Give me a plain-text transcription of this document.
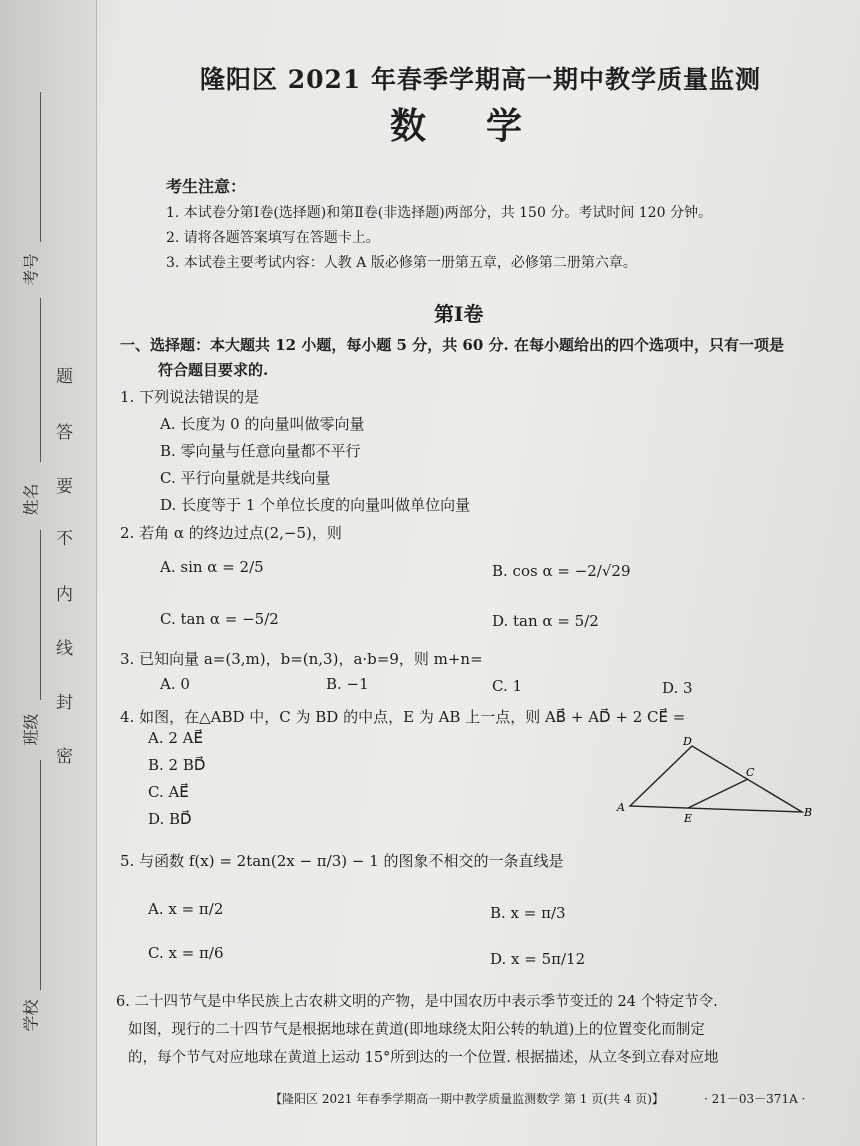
考号
姓名
班级
学校
题
答
要
不
内
线
封
密
隆阳区 2021 年春季学期高一期中教学质量监测
数学
考生注意：
1. 本试卷分第Ⅰ卷(选择题)和第Ⅱ卷(非选择题)两部分，共 150 分。考试时间 120 分钟。
2. 请将各题答案填写在答题卡上。
3. 本试卷主要考试内容：人教 A 版必修第一册第五章，必修第二册第六章。
第Ⅰ卷
一、选择题：本大题共 12 小题，每小题 5 分，共 60 分. 在每小题给出的四个选项中，只有一项是
符合题目要求的.
1. 下列说法错误的是
A. 长度为 0 的向量叫做零向量
B. 零向量与任意向量都不平行
C. 平行向量就是共线向量
D. 长度等于 1 个单位长度的向量叫做单位向量
2. 若角 α 的终边过点(2,−5)，则
A. sin α = 2/5	B. cos α = −2/√29
C. tan α = −5/2	D. tan α = 5/2
3. 已知向量 a=(3,m)，b=(n,3)，a·b=9，则 m+n=
A. 0	B. −1	C. 1	D. 3
4. 如图，在△ABD 中，C 为 BD 的中点，E 为 AB 上一点，则 AB⃗ + AD⃗ + 2 CE⃗ =
A. 2 AE⃗
B. 2 BD⃗
C. AE⃗
D. BD⃗
D
C
A
E	B
5. 与函数 f(x) = 2tan(2x − π/3) − 1 的图象不相交的一条直线是
A. x = π/2	B. x = π/3
C. x = π/6	D. x = 5π/12
6. 二十四节气是中华民族上古农耕文明的产物，是中国农历中表示季节变迁的 24 个特定节令.
如图，现行的二十四节气是根据地球在黄道(即地球绕太阳公转的轨道)上的位置变化而制定
的，每个节气对应地球在黄道上运动 15°所到达的一个位置. 根据描述，从立冬到立春对应地
【隆阳区 2021 年春季学期高一期中教学质量监测数学 第 1 页(共 4 页)】	· 21－03－371A ·
